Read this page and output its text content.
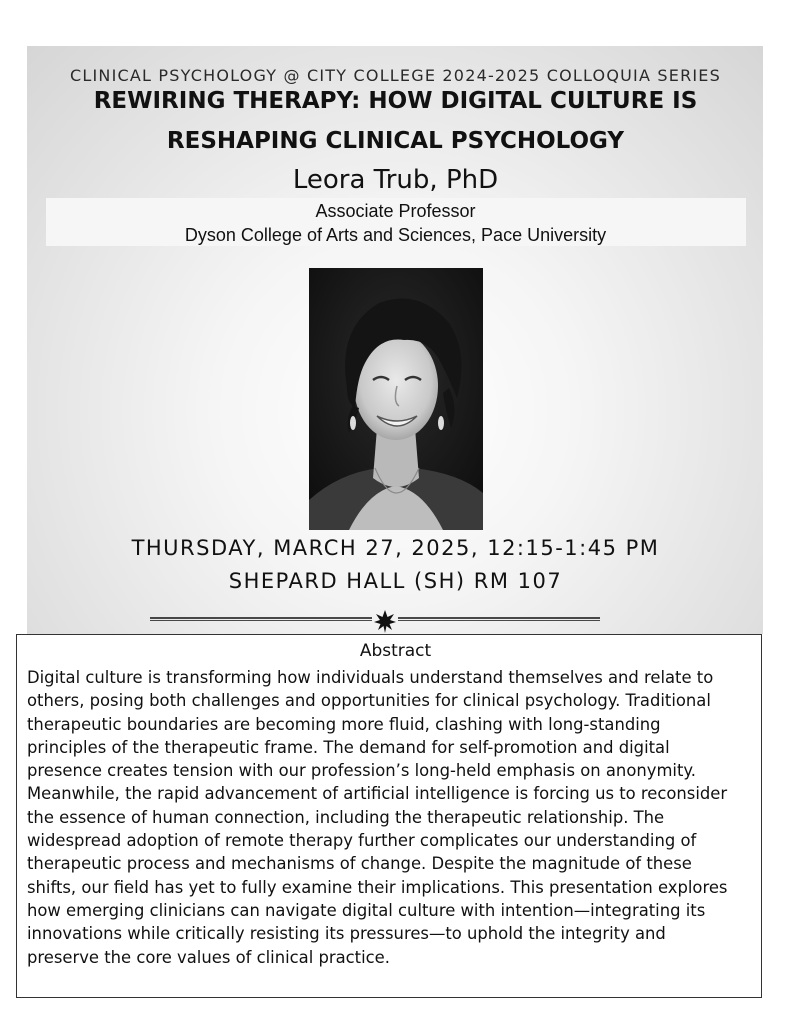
CLINICAL PSYCHOLOGY @ CITY COLLEGE 2024-2025 COLLOQUIA SERIES
REWIRING THERAPY: HOW DIGITAL CULTURE IS
RESHAPING CLINICAL PSYCHOLOGY
Leora Trub, PhD
Associate Professor
Dyson College of Arts and Sciences, Pace University
THURSDAY, MARCH 27, 2025, 12:15-1:45 PM
SHEPARD HALL (SH) RM 107
Abstract
Digital culture is transforming how individuals understand themselves and relate to
others, posing both challenges and opportunities for clinical psychology. Traditional
therapeutic boundaries are becoming more fluid, clashing with long-standing
principles of the therapeutic frame. The demand for self-promotion and digital
presence creates tension with our profession’s long-held emphasis on anonymity.
Meanwhile, the rapid advancement of artificial intelligence is forcing us to reconsider
the essence of human connection, including the therapeutic relationship. The
widespread adoption of remote therapy further complicates our understanding of
therapeutic process and mechanisms of change. Despite the magnitude of these
shifts, our field has yet to fully examine their implications. This presentation explores
how emerging clinicians can navigate digital culture with intention—integrating its
innovations while critically resisting its pressures—to uphold the integrity and
preserve the core values of clinical practice.
